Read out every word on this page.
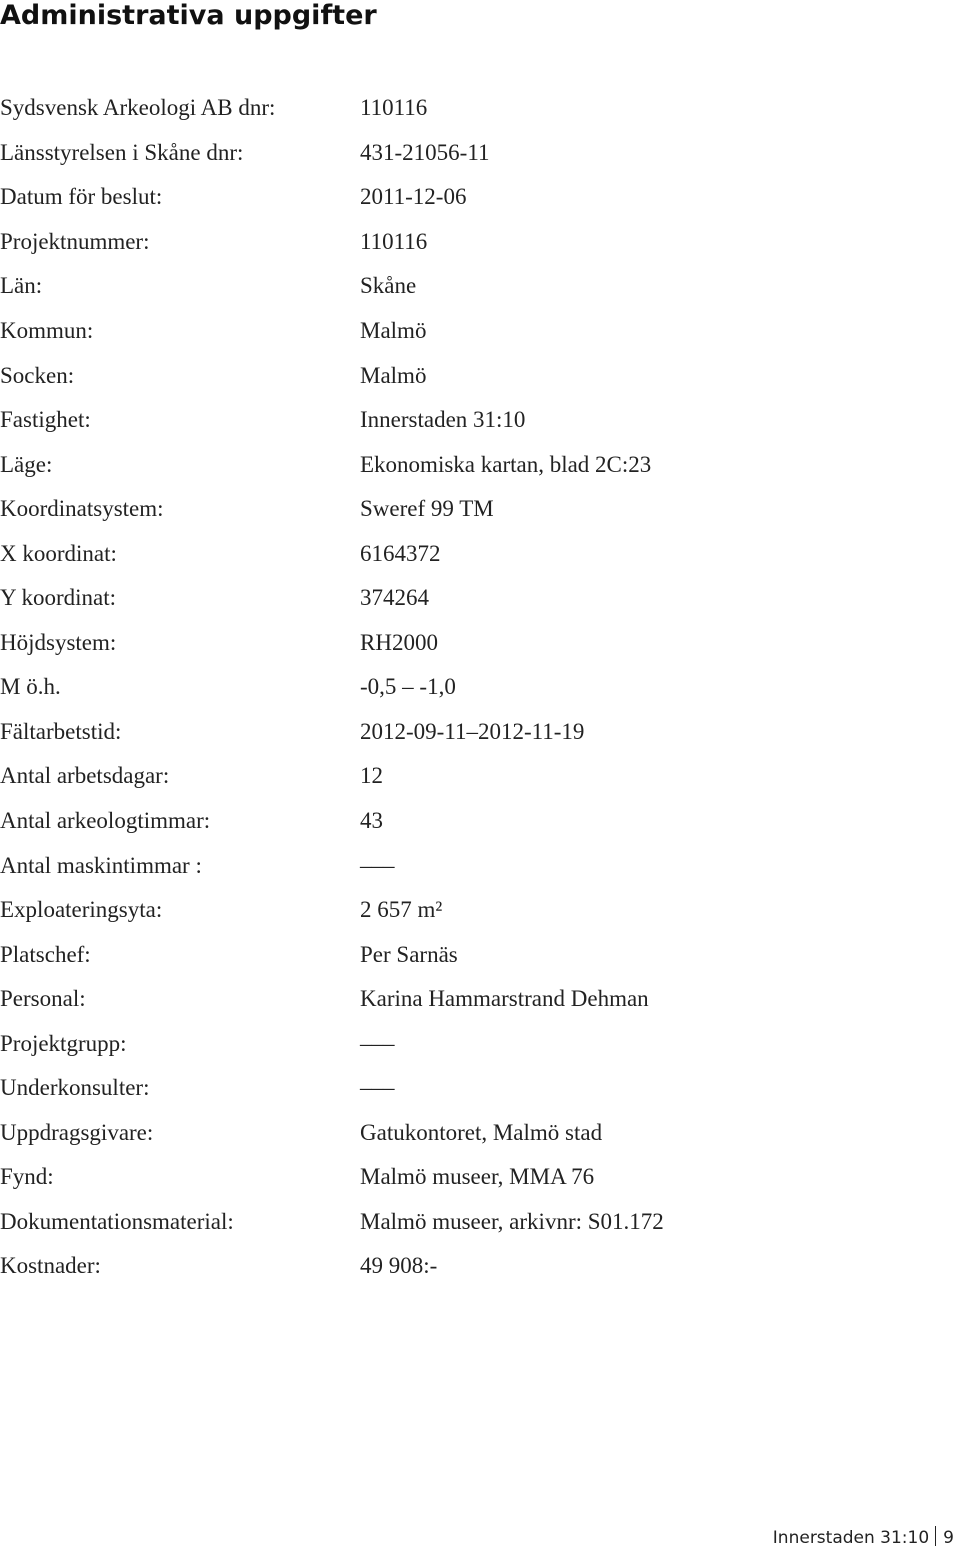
Administrativa uppgifter
Sydsvensk Arkeologi AB dnr:	110116
Länsstyrelsen i Skåne dnr:	431-21056-11
Datum för beslut:	2011-12-06
Projektnummer:	110116
Län:	Skåne
Kommun:	Malmö
Socken:	Malmö
Fastighet:	Innerstaden 31:10
Läge:	Ekonomiska kartan, blad 2C:23
Koordinatsystem:	Sweref 99 TM
X koordinat:	6164372
Y koordinat:	374264
Höjdsystem:	RH2000
M ö.h.	-0,5 – -1,0
Fältarbetstid:	2012-09-11–2012-11-19
Antal arbetsdagar:	12
Antal arkeologtimmar:	43
Antal maskintimmar :	–––
Exploateringsyta:	2 657 m²
Platschef:	Per Sarnäs
Personal:	Karina Hammarstrand Dehman
Projektgrupp:	–––
Underkonsulter:	–––
Uppdragsgivare:	Gatukontoret, Malmö stad
Fynd:	Malmö museer, MMA 76
Dokumentationsmaterial:	Malmö museer, arkivnr: S01.172
Kostnader:	49 908:-
Innerstaden 31:10 9
